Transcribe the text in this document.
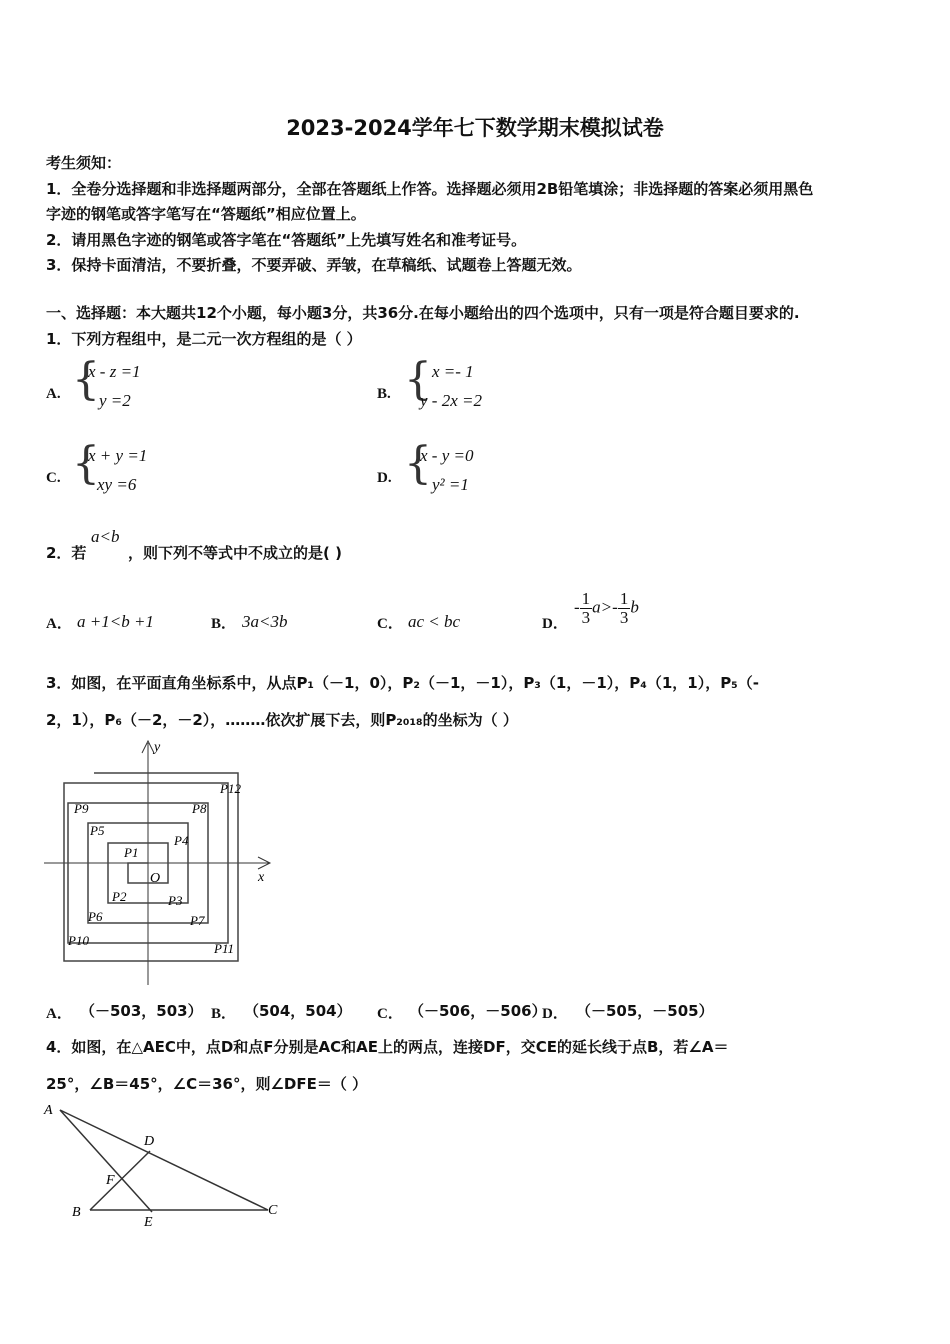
2023-2024学年七下数学期末模拟试卷
考生须知：
1．全卷分选择题和非选择题两部分，全部在答题纸上作答。选择题必须用2B铅笔填涂；非选择题的答案必须用黑色
字迹的钢笔或答字笔写在“答题纸”相应位置上。
2．请用黑色字迹的钢笔或答字笔在“答题纸”上先填写姓名和准考证号。
3．保持卡面清洁，不要折叠，不要弄破、弄皱，在草稿纸、试题卷上答题无效。
一、选择题：本大题共12个小题，每小题3分，共36分.在每小题给出的四个选项中，只有一项是符合题目要求的.
1．下列方程组中，是二元一次方程组的是（ ）
A. {
x - z =1
y =2	B. { x =- 1
y - 2x =2
C. {
x + y =1
xy =6	D. {
x - y =0
y² =1
2．若
a<b
，则下列不等式中不成立的是( )
A． a +1<b +1	B． 3a<3b	C． ac < bc	D．
- $\frac{1}{3} a>- \frac{1}{3}$ b
3．如图，在平面直角坐标系中，从点P₁（－1，0），P₂（－1，－1），P₃（1，－1），P₄（1，1），P₅（-
2，1），P₆（－2，－2），…‥…依次扩展下去，则P₂₀₁₈的坐标为（ ）
x
y
O
P1
P2	P3
P4
P5
P6	P7
P8
P9
P10
P11
P12
A． （－503，503） B． （504，504） C． （－506，－506）
D． （－505，－505）
4．如图，在△AEC中，点D和点F分别是AC和AE上的两点，连接DF，交CE的延长线于点B，若∠A＝
25°，∠B＝45°，∠C＝36°，则∠DFE＝（ ）
A
D
F
B
E
C
